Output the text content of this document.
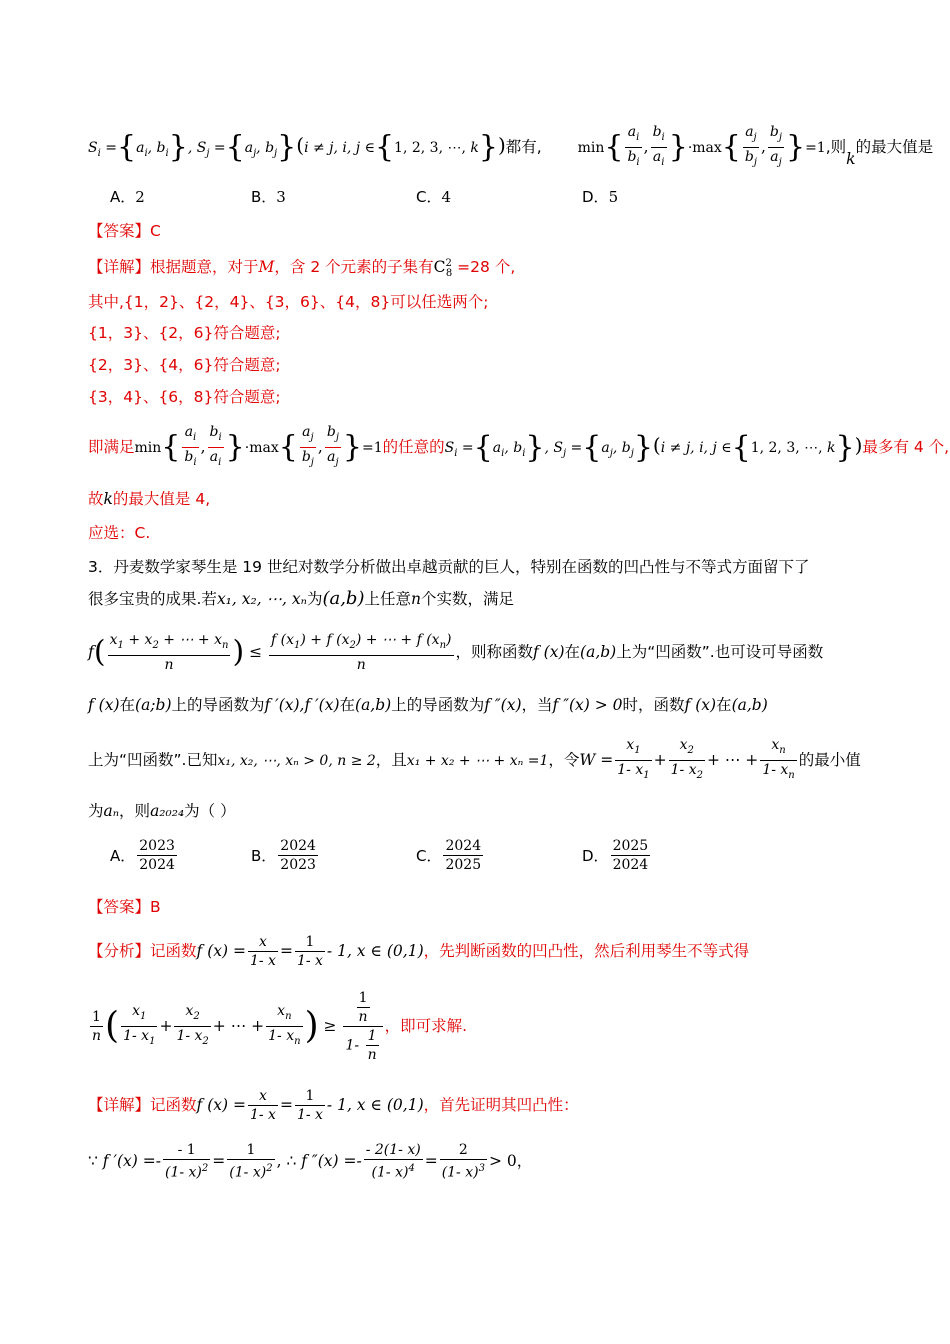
$S_i =\{a_i$, $b_i$}, $S_j =\{a_j$, $b_j\}(i \ne j$, i, j ∈{1, 2, 3, ⋯, k})都有,	$\min\{ \frac{a_i}{b_i}$ , $\frac{b_i}{a_i} \}\cdot\max\{ \frac{a_j}{b_j}$ , $\frac{b_j}{a_j} \}=1$,则k的最大值是
A．2	B．3	C．4	D．5
【答案】C
【详解】根据题意，对于M，含 2 个元素的子集有$C^2_8 =28$ 个,
其中,{1，2}、{2，4}、{3，6}、{4，8}可以任选两个;
{1，3}、{2，6}符合题意;
{2，3}、{4，6}符合题意;
{3，4}、{6，8}符合题意;
即满足$\min\{ \frac{a_i}{b_i}$ , $\frac{b_i}{a_i} \}\cdot\max\{ \frac{a_j}{b_j}$ , $\frac{b_j}{a_j} \}=1$的任意的$S_i =\{a_i$, $b_i$}, $S_j =\{a_j$, $b_j\}(i \ne j$, i, j ∈{1, 2, 3, ⋯, k})最多有 4 个,
故k的最大值是 4,
应选：C.
3．丹麦数学家琴生是 19 世纪对数学分析做出卓越贡献的巨人，特别在函数的凹凸性与不等式方面留下了
很多宝贵的成果.若x₁, x₂, ⋯, xₙ为(a,b)上任意n个实数，满足
$f( \frac{x_1 + x_2 + \cdots + x_n}{n}$ ) ≤ $\frac{f (x_1) + f (x_2) + \cdots + f (x_n)}{n}$ ，则称函数f (x)在(a,b)上为“凹函数”.也可设可导函数
f (x)在(a;b)上的导函数为f ′(x),f ′(x)在(a,b)上的导函数为f ″(x)，当f ″(x) > 0时，函数f (x)在(a,b)
上为“凹函数”.已知x₁, x₂, ⋯, xₙ > 0, n ≥ 2，且x₁ + x₂ + ⋯ + xₙ =1，令$W = \frac{x_1}{1- x_1} + \frac{x_2}{1- x_2}$ + ⋯ + $\frac{x_n}{1- x_n}$ 的最小值
为aₙ，则a₂₀₂₄为（ ）
A． $\frac{2023}{2024}$	B． $\frac{2024}{2023}$	C． $\frac{2024}{2025}$	D． $\frac{2025}{2024}$
【答案】B
【分析】记函数f $(x) = \frac{x}{1- x} = \frac{1}{1- x} - 1$, x ∈ (0,1)，先判断函数的凹凸性，然后利用琴生不等式得
$\frac{1}{n}$ ( $\frac{x_1}{1- x_1} + \frac{x_2}{1- x_2}$ + ⋯ + $\frac{x_n}{1- x_n}$ ) ≥ $\frac{\frac{1}{n}}{1- \frac{1}{n}}$ ，即可求解.
【详解】记函数f $(x) = \frac{x}{1- x} = \frac{1}{1- x} - 1$, x ∈ (0,1)，首先证明其凹凸性：
∵ f $'(x) =- \frac{- 1}{(1- x)^2} = \frac{1}{(1- x)^2}$ , ∴ f $''(x) =- \frac{- 2(1- x)}{(1- x)^4} = \frac{2}{(1- x)^3} > 0$，
